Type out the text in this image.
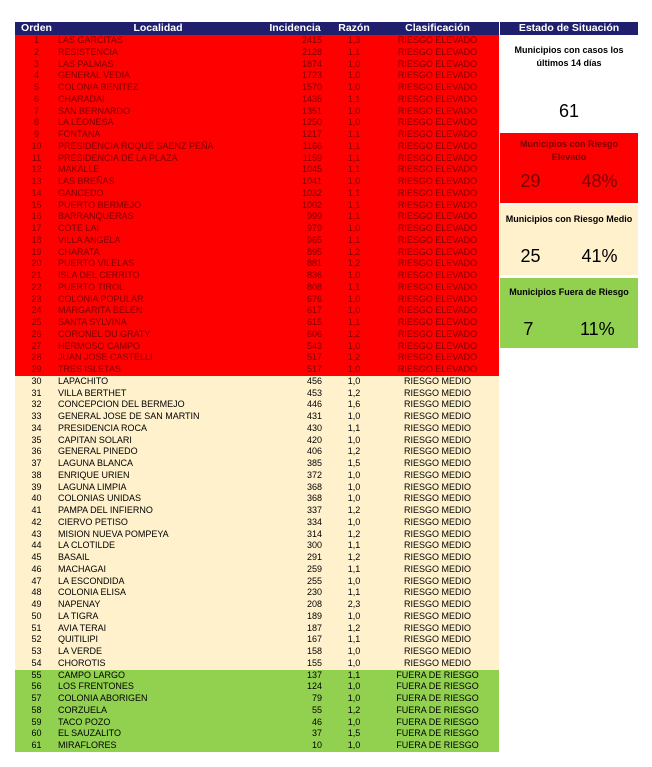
Orden	Localidad	Incidencia	Razón	Clasificación
1	LAS GARCITAS	2415	1,3	RIESGO ELEVADO
2	RESISTENCIA	2128	1,1	RIESGO ELEVADO
3	LAS PALMAS	1874	1,0	RIESGO ELEVADO
4	GENERAL VEDIA	1723	1,0	RIESGO ELEVADO
5	COLONIA BENITEZ	1570	1,0	RIESGO ELEVADO
6	CHARADAI	1435	1,1	RIESGO ELEVADO
7	SAN BERNARDO	1351	1,0	RIESGO ELEVADO
8	LA LEONESA	1250	1,0	RIESGO ELEVADO
9	FONTANA	1217	1,1	RIESGO ELEVADO
10	PRESIDENCIA ROQUE SAENZ PEÑA	1166	1,1	RIESGO ELEVADO
11	PRESIDENCIA DE LA PLAZA	1159	1,1	RIESGO ELEVADO
12	MAKALLE	1045	1,1	RIESGO ELEVADO
13	LAS BREÑAS	1041	1,0	RIESGO ELEVADO
14	GANCEDO	1032	1,1	RIESGO ELEVADO
15	PUERTO BERMEJO	1002	1,1	RIESGO ELEVADO
16	BARRANQUERAS	999	1,1	RIESGO ELEVADO
17	COTE LAI	979	1,0	RIESGO ELEVADO
18	VILLA ANGELA	965	1,1	RIESGO ELEVADO
19	CHARATA	895	1,2	RIESGO ELEVADO
20	PUERTO VILELAS	881	1,2	RIESGO ELEVADO
21	ISLA DEL CERRITO	836	1,0	RIESGO ELEVADO
22	PUERTO TIROL	808	1,1	RIESGO ELEVADO
23	COLONIA POPULAR	676	1,0	RIESGO ELEVADO
24	MARGARITA BELEN	617	1,0	RIESGO ELEVADO
25	SANTA SYLVINA	615	1,1	RIESGO ELEVADO
26	CORONEL DU GRATY	606	1,2	RIESGO ELEVADO
27	HERMOSO CAMPO	543	1,0	RIESGO ELEVADO
28	JUAN JOSE CASTELLI	517	1,2	RIESGO ELEVADO
29	TRES ISLETAS	517	1,0	RIESGO ELEVADO
30	LAPACHITO	456	1,0	RIESGO MEDIO
31	VILLA BERTHET	453	1,2	RIESGO MEDIO
32	CONCEPCION DEL BERMEJO	446	1,6	RIESGO MEDIO
33	GENERAL JOSE DE SAN MARTIN	431	1,0	RIESGO MEDIO
34	PRESIDENCIA ROCA	430	1,1	RIESGO MEDIO
35	CAPITAN SOLARI	420	1,0	RIESGO MEDIO
36	GENERAL PINEDO	406	1,2	RIESGO MEDIO
37	LAGUNA BLANCA	385	1,5	RIESGO MEDIO
38	ENRIQUE URIEN	372	1,0	RIESGO MEDIO
39	LAGUNA LIMPIA	368	1,0	RIESGO MEDIO
40	COLONIAS UNIDAS	368	1,0	RIESGO MEDIO
41	PAMPA DEL INFIERNO	337	1,2	RIESGO MEDIO
42	CIERVO PETISO	334	1,0	RIESGO MEDIO
43	MISION NUEVA POMPEYA	314	1,2	RIESGO MEDIO
44	LA CLOTILDE	300	1,1	RIESGO MEDIO
45	BASAIL	291	1,2	RIESGO MEDIO
46	MACHAGAI	259	1,1	RIESGO MEDIO
47	LA ESCONDIDA	255	1,0	RIESGO MEDIO
48	COLONIA ELISA	230	1,1	RIESGO MEDIO
49	NAPENAY	208	2,3	RIESGO MEDIO
50	LA TIGRA	189	1,0	RIESGO MEDIO
51	AVIA TERAI	187	1,2	RIESGO MEDIO
52	QUITILIPI	167	1,1	RIESGO MEDIO
53	LA VERDE	158	1,0	RIESGO MEDIO
54	CHOROTIS	155	1,0	RIESGO MEDIO
55	CAMPO LARGO	137	1,1	FUERA DE RIESGO
56	LOS FRENTONES	124	1,0	FUERA DE RIESGO
57	COLONIA ABORIGEN	79	1,0	FUERA DE RIESGO
58	CORZUELA	55	1,2	FUERA DE RIESGO
59	TACO POZO	46	1,0	FUERA DE RIESGO
60	EL SAUZALITO	37	1,5	FUERA DE RIESGO
61	MIRAFLORES	10	1,0	FUERA DE RIESGO
Estado de Situación
Municipios con casos los últimos 14 días
61
Municipios con Riesgo Elevado
29 48%
Municipios con Riesgo Medio
25 41%
Municipios Fuera de Riesgo
7	11%
